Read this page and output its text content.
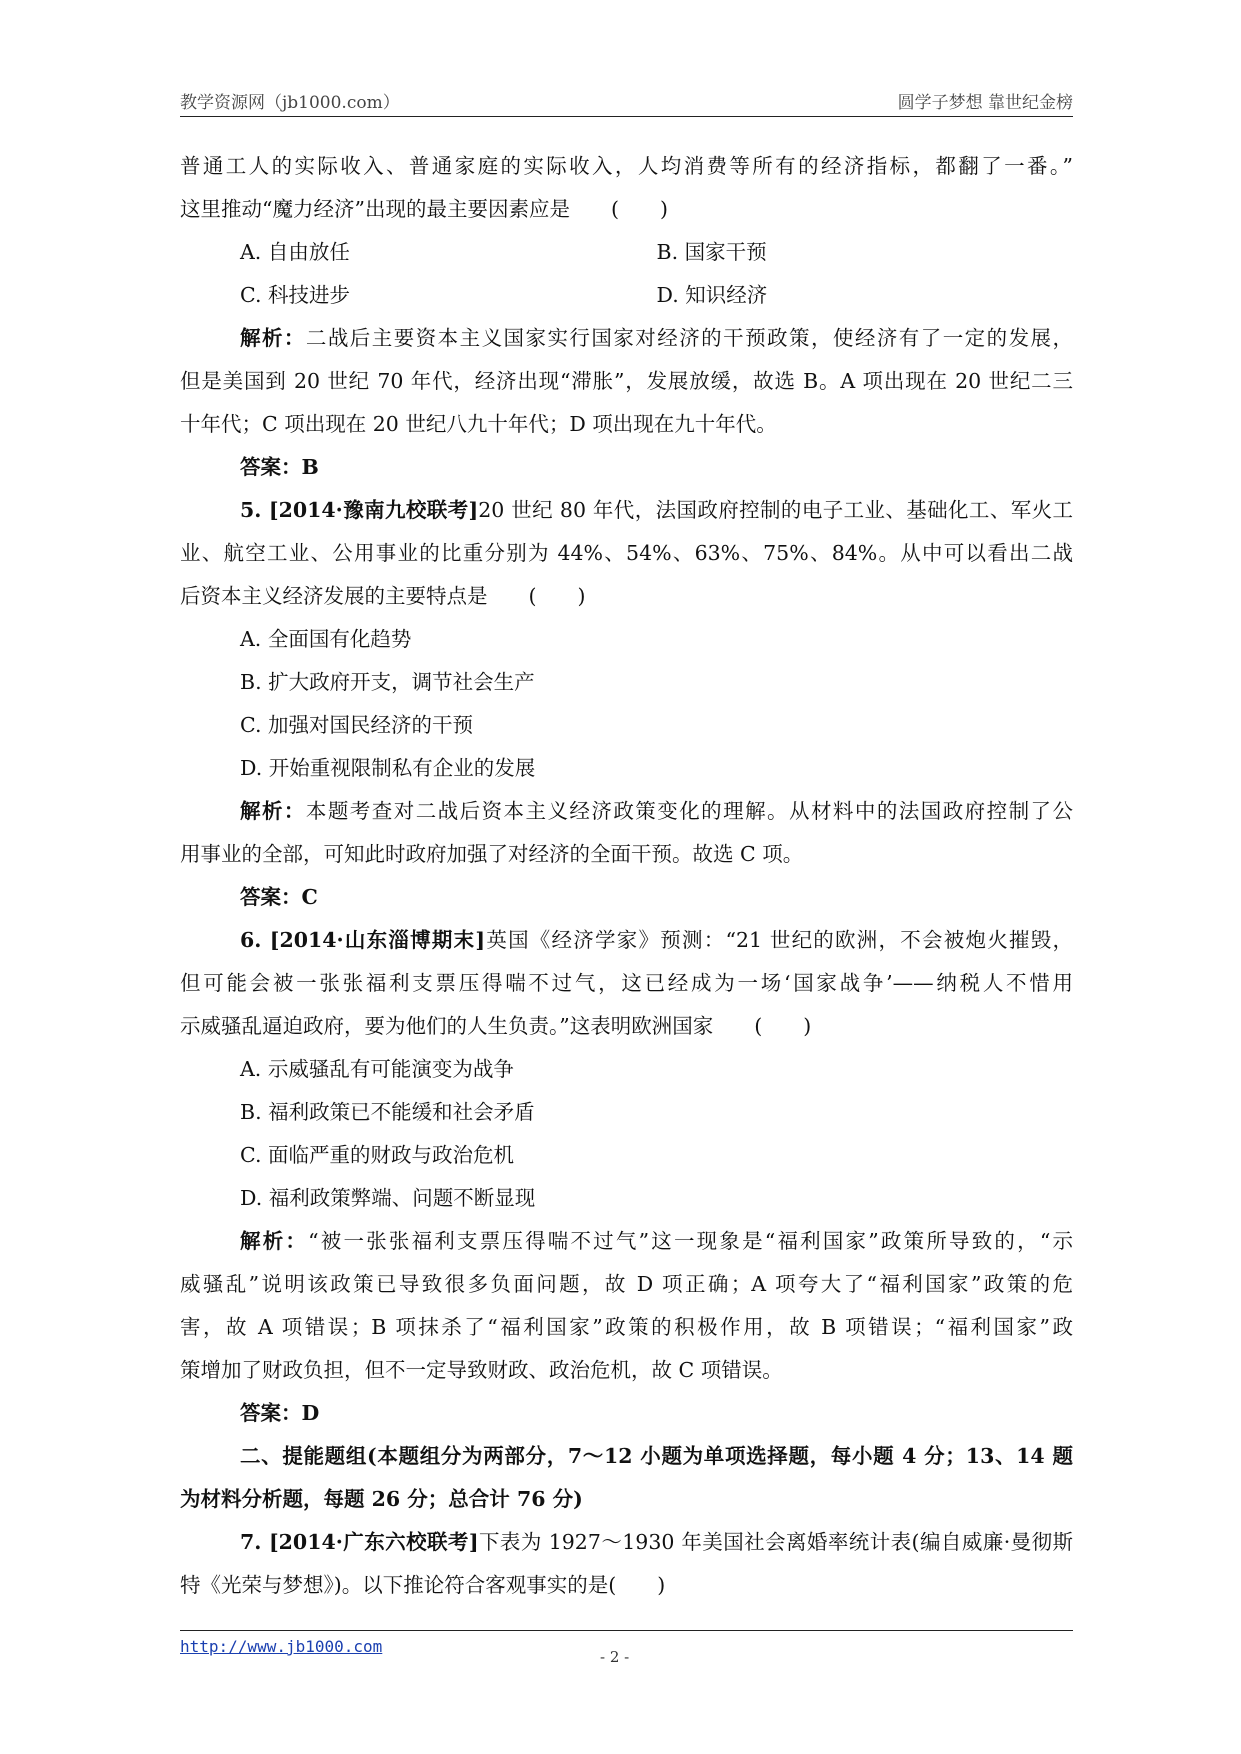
教学资源网（jb1000.com）	圆学子梦想 靠世纪金榜
普通工人的实际收入、普通家庭的实际收入，人均消费等所有的经济指标，都翻了一番。”
这里推动“魔力经济”出现的最主要因素应是　　(　　)
A. 自由放任	B. 国家干预
C. 科技进步	D. 知识经济
解析：二战后主要资本主义国家实行国家对经济的干预政策，使经济有了一定的发展，
但是美国到 20 世纪 70 年代，经济出现“滞胀”，发展放缓，故选 B。A 项出现在 20 世纪二三
十年代；C 项出现在 20 世纪八九十年代；D 项出现在九十年代。
答案：B
5. [2014·豫南九校联考]20 世纪 80 年代，法国政府控制的电子工业、基础化工、军火工
业、航空工业、公用事业的比重分别为 44%、54%、63%、75%、84%。从中可以看出二战
后资本主义经济发展的主要特点是　　(　　)
A. 全面国有化趋势
B. 扩大政府开支，调节社会生产
C. 加强对国民经济的干预
D. 开始重视限制私有企业的发展
解析：本题考查对二战后资本主义经济政策变化的理解。从材料中的法国政府控制了公
用事业的全部，可知此时政府加强了对经济的全面干预。故选 C 项。
答案：C
6. [2014·山东淄博期末]英国《经济学家》预测：“21 世纪的欧洲，不会被炮火摧毁，
但可能会被一张张福利支票压得喘不过气，这已经成为一场‘国家战争’——纳税人不惜用
示威骚乱逼迫政府，要为他们的人生负责。”这表明欧洲国家　　(　　)
A. 示威骚乱有可能演变为战争
B. 福利政策已不能缓和社会矛盾
C. 面临严重的财政与政治危机
D. 福利政策弊端、问题不断显现
解析：“被一张张福利支票压得喘不过气”这一现象是“福利国家”政策所导致的，“示
威骚乱”说明该政策已导致很多负面问题，故 D 项正确；A 项夸大了“福利国家”政策的危
害，故 A 项错误；B 项抹杀了“福利国家”政策的积极作用，故 B 项错误；“福利国家”政
策增加了财政负担，但不一定导致财政、政治危机，故 C 项错误。
答案：D
二、提能题组(本题组分为两部分，7～12 小题为单项选择题，每小题 4 分；13、14 题
为材料分析题，每题 26 分；总合计 76 分)
7. [2014·广东六校联考]下表为 1927～1930 年美国社会离婚率统计表(编自威廉·曼彻斯
特《光荣与梦想》)。以下推论符合客观事实的是(　　)
http://www.jb1000.com
- 2 -
